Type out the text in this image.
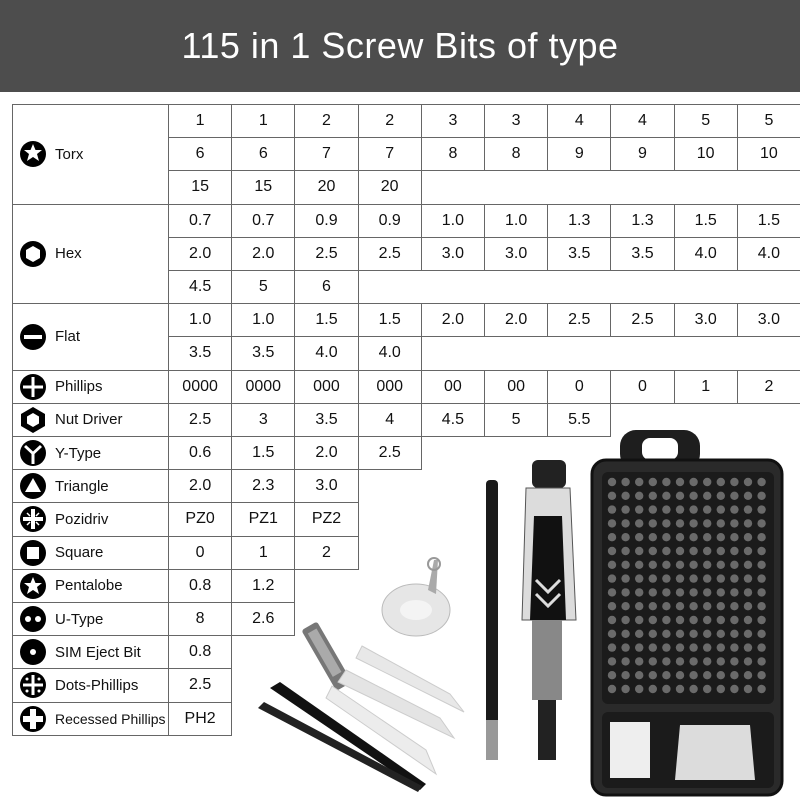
115 in 1 Screw Bits of type
Torx
1	1	2	2	3	3	4	4	5	5
6	6	7	7	8	8	9	9	10	10
15	15	20	20
Hex
0.7	0.7	0.9	0.9	1.0	1.0	1.3	1.3	1.5	1.5
2.0	2.0	2.5	2.5	3.0	3.0	3.5	3.5	4.0	4.0
4.5	5	6
Flat
1.0	1.0	1.5	1.5	2.0	2.0	2.5	2.5	3.0	3.0
3.5	3.5	4.0	4.0
Phillips	0000	0000	000	000	00	00	0	0	1	2
Nut Driver	2.5	3	3.5	4	4.5	5	5.5
Y-Type	0.6	1.5	2.0	2.5
Triangle	2.0	2.3	3.0
Pozidriv	PZ0	PZ1	PZ2
Square	0	1	2
Pentalobe	0.8	1.2
U-Type	8	2.6
SIM Eject Bit	0.8
Dots-Phillips	2.5
Recessed Phillips	PH2
